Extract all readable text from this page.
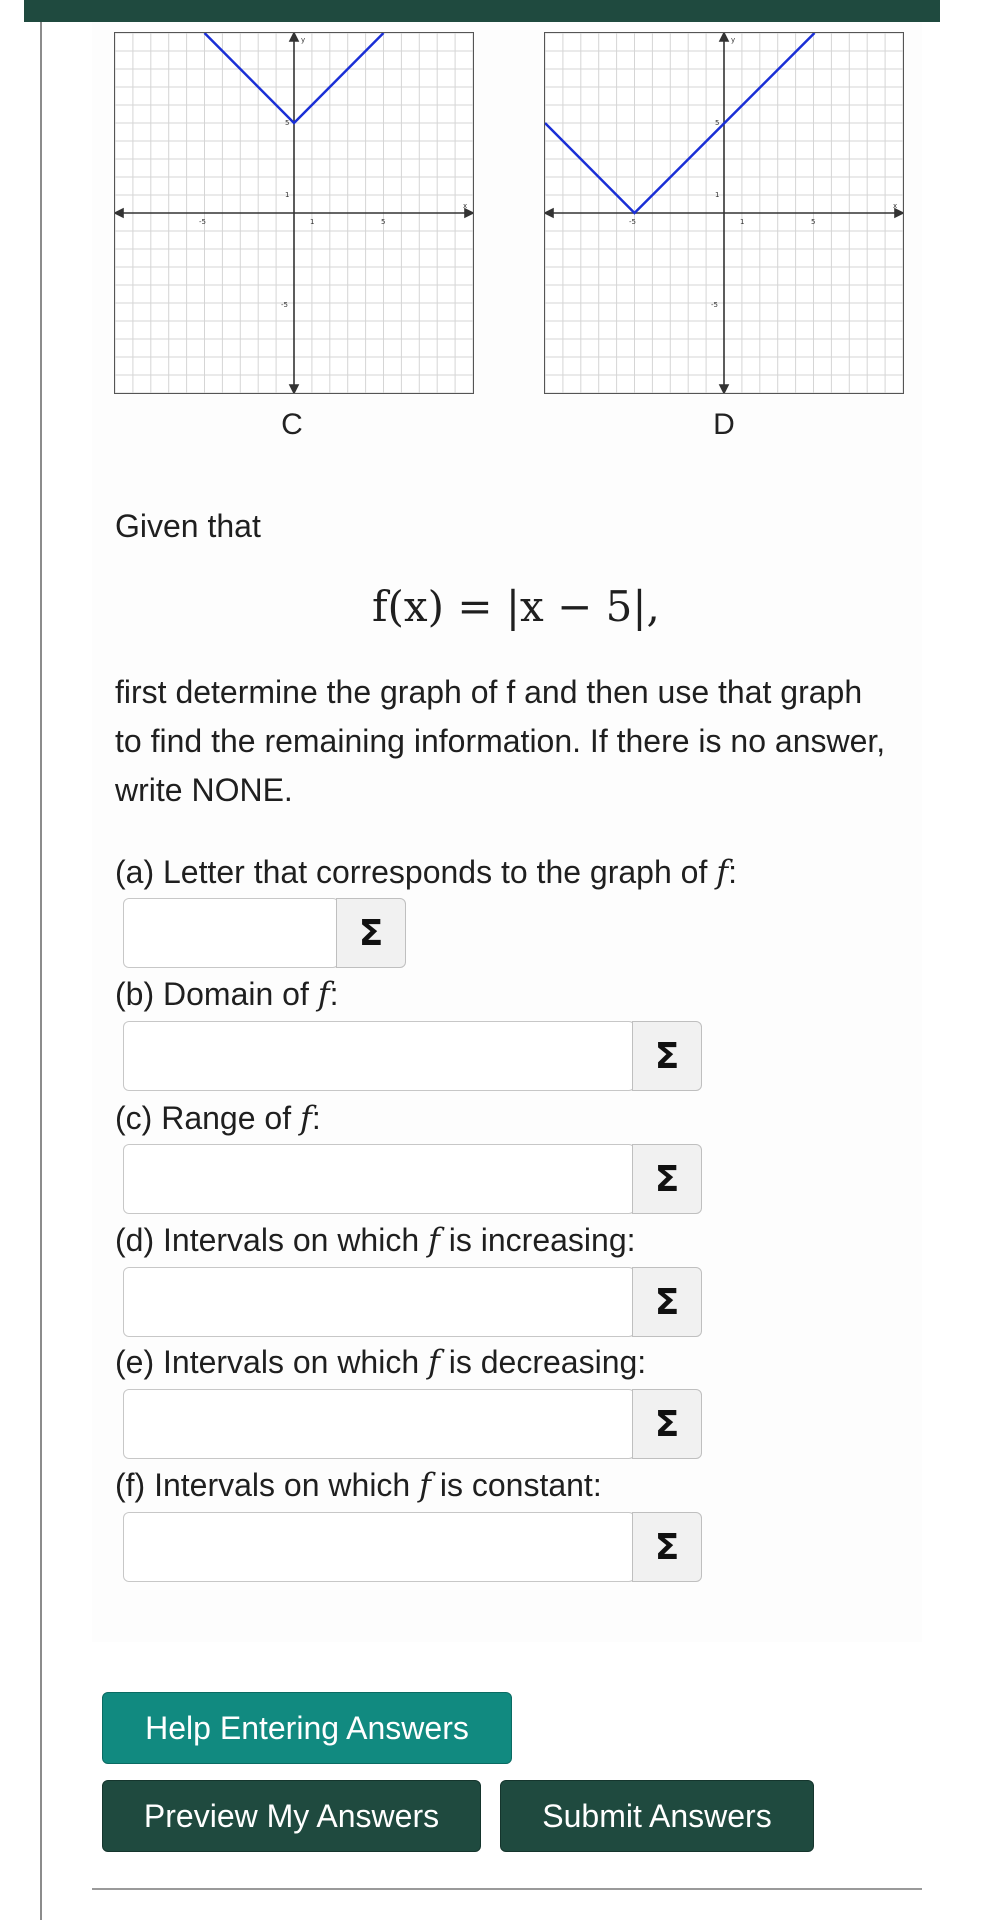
y
x
-5	1	5
1
-5
5
C
y
x
-5	1	5
1
-5
5
D
Given that
f(x) = |x − 5|,
first determine the graph of f and then use that graph to find the remaining information. If there is no answer, write NONE.
(a) Letter that corresponds to the graph of f:
Σ
(b) Domain of f:
Σ
(c) Range of f:
Σ
(d) Intervals on which f is increasing:
Σ
(e) Intervals on which f is decreasing:
Σ
(f) Intervals on which f is constant:
Σ
Help Entering Answers
Preview My Answers	Submit Answers
